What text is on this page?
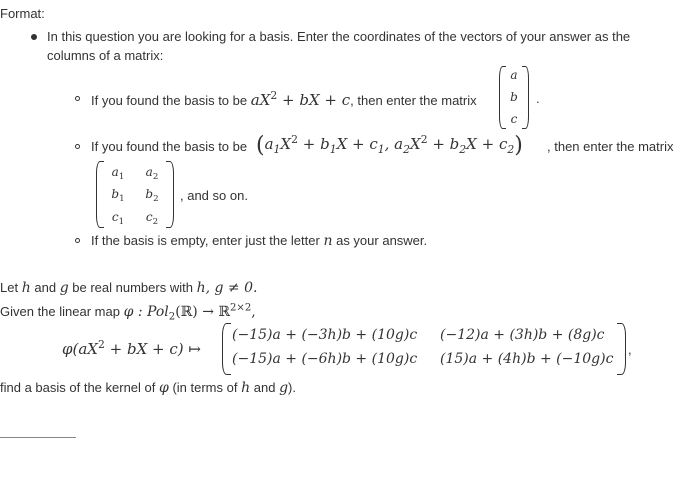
Format:
In this question you are looking for a basis. Enter the coordinates of the vectors of your answer as the
columns of a matrix:
If you found the basis to be $aX^2$ + bX + c, then enter the matrix
a
b
c
.
If you found the basis to be ($a_1X^2 + b_1X + c_1$, $a_2X^2 + b_2X + c_2$) , then enter the matrix
$a_1$	$a_2$
$b_1$	$b_2$
$c_1$	$c_2$
, and so on.
If the basis is empty, enter just the letter n as your answer.
Let h and g be real numbers with h, g ≠ 0.
Given the linear map φ : Pol$_2$(ℝ) → ℝ$^{2\times 2}$,
$\varphi(aX^2$ + bX + c) ↦
(−15)a + (−3h)b + (10g)c (−12)a + (3h)b + (8g)c
(−15)a + (−6h)b + (10g)c (15)a + (4h)b + (−10g)c
,
find a basis of the kernel of φ (in terms of h and g).
